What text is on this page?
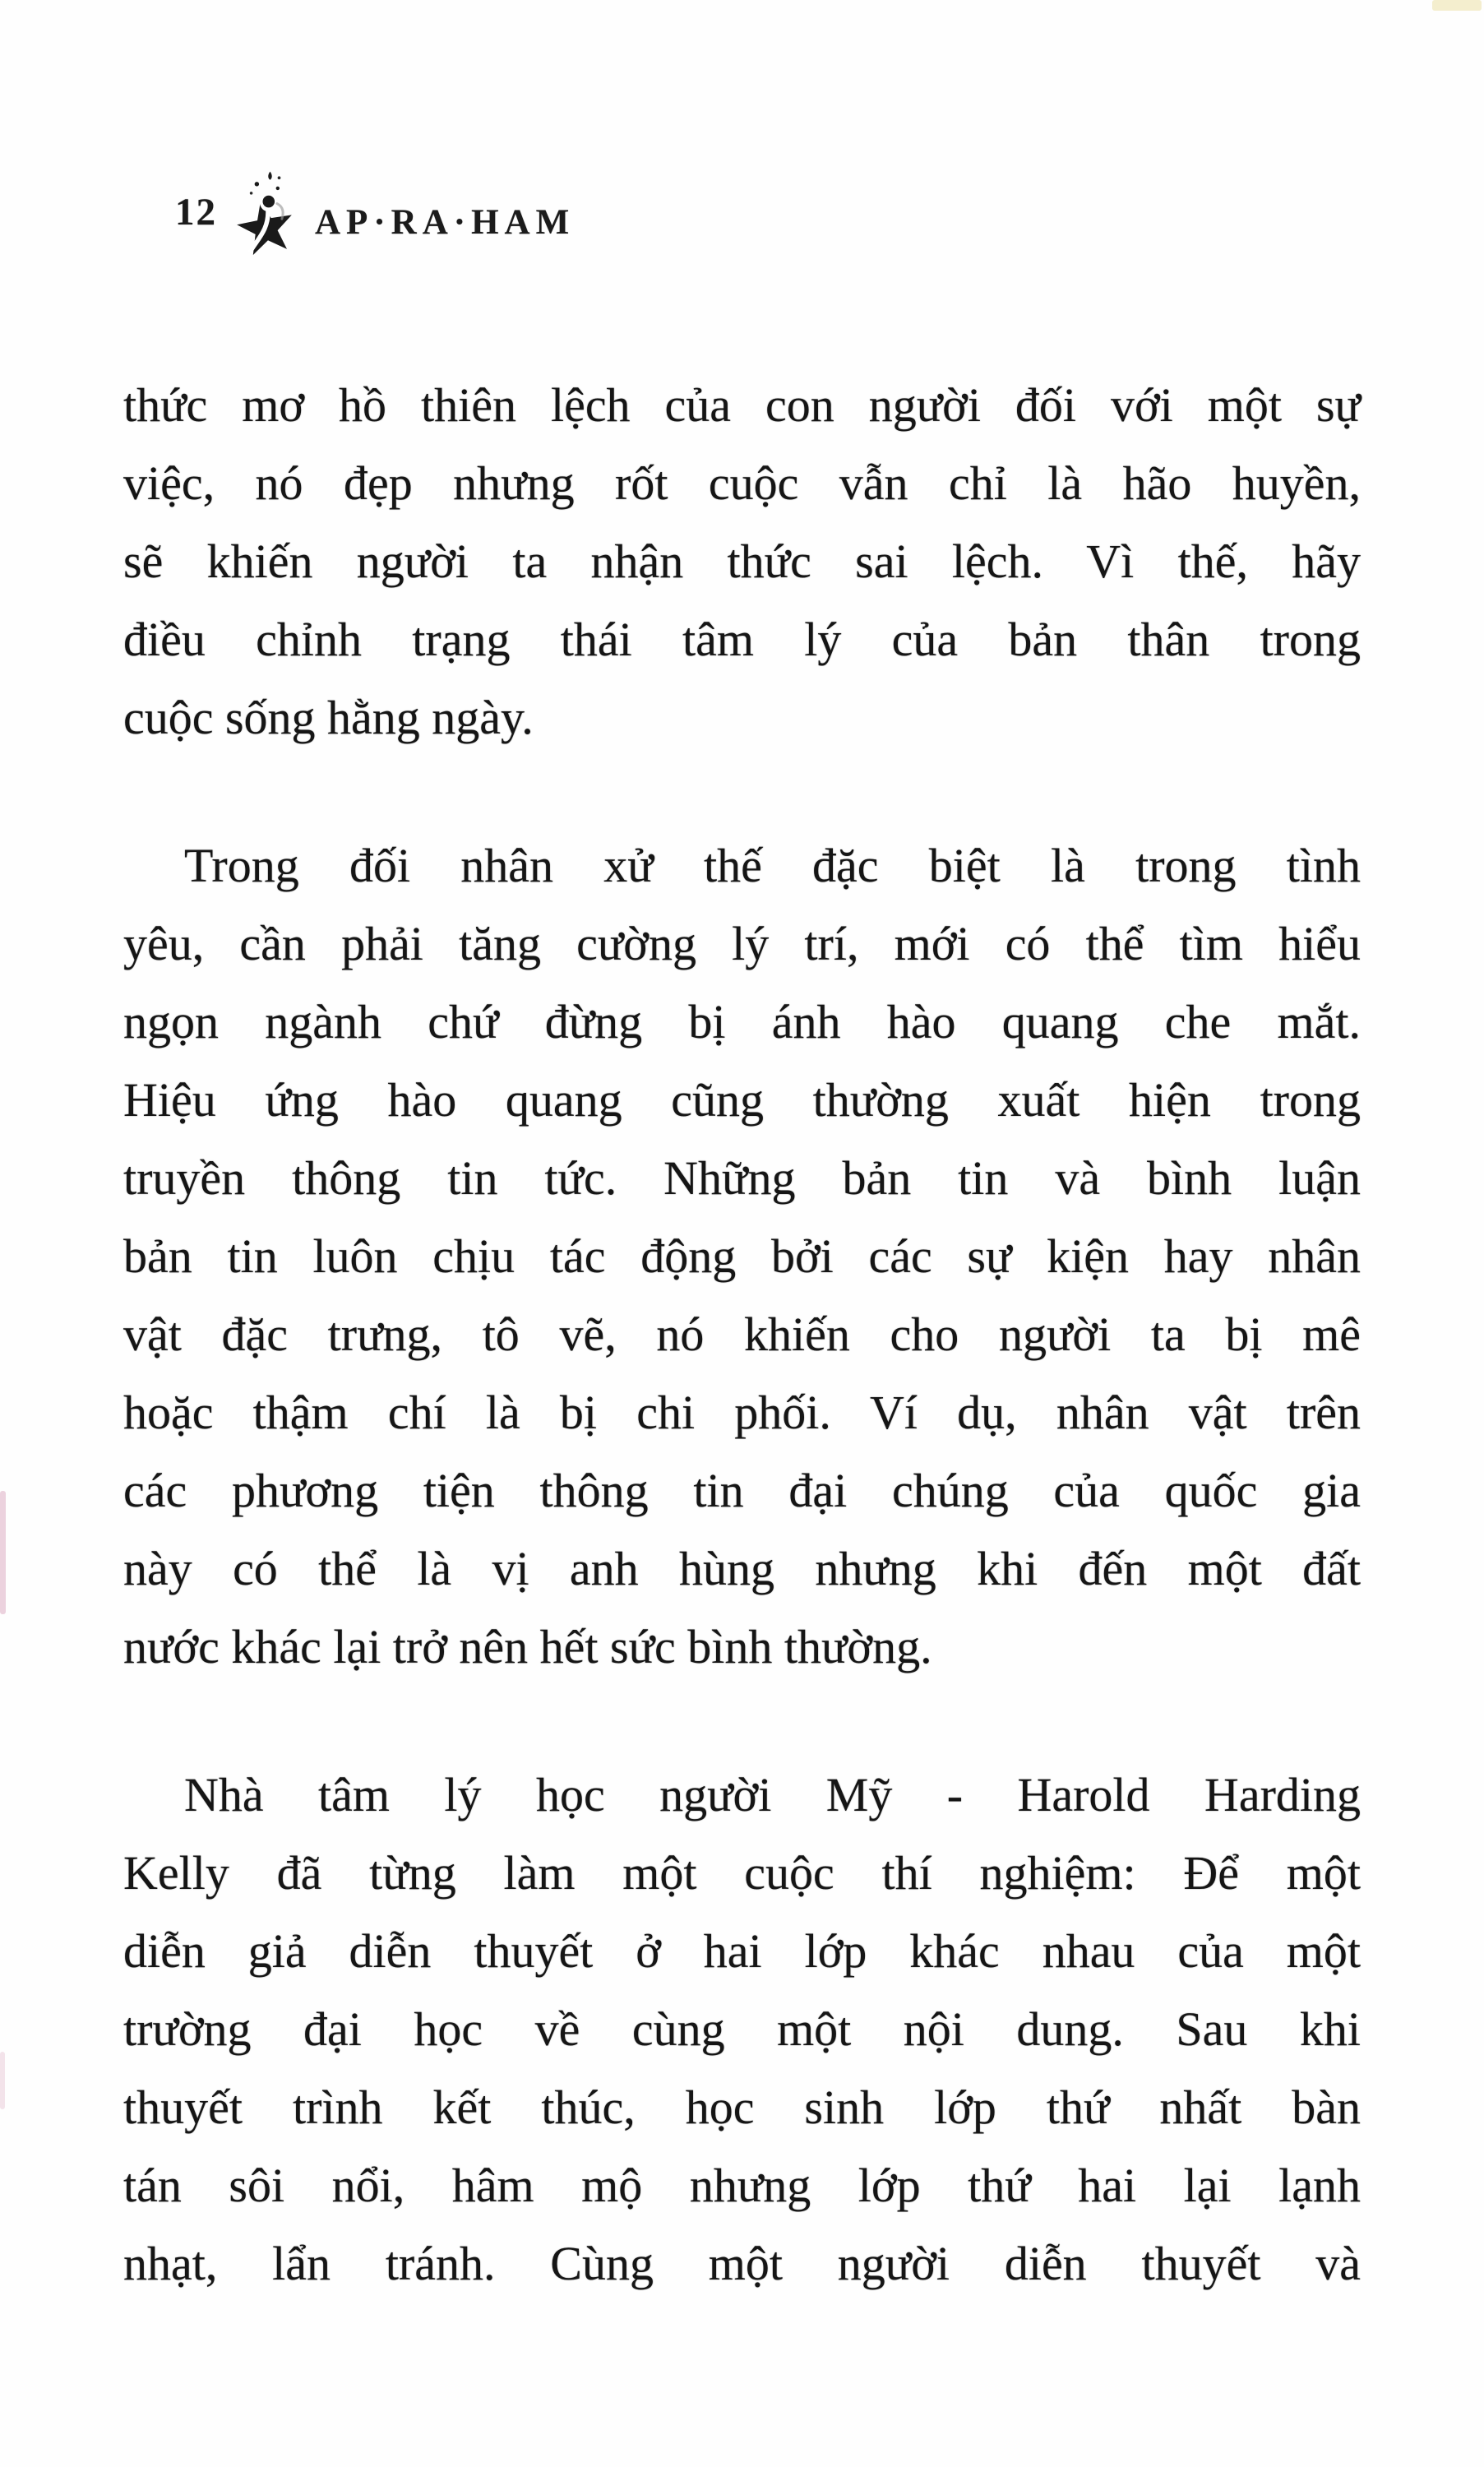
12	AP·RA·HAM
thức mơ hồ thiên lệch của con người đối với một sự
việc, nó đẹp nhưng rốt cuộc vẫn chỉ là hão huyền,
sẽ khiến người ta nhận thức sai lệch. Vì thế, hãy
điều chỉnh trạng thái tâm lý của bản thân trong
cuộc sống hằng ngày.
Trong đối nhân xử thế đặc biệt là trong tình
yêu, cần phải tăng cường lý trí, mới có thể tìm hiểu
ngọn ngành chứ đừng bị ánh hào quang che mắt.
Hiệu ứng hào quang cũng thường xuất hiện trong
truyền thông tin tức. Những bản tin và bình luận
bản tin luôn chịu tác động bởi các sự kiện hay nhân
vật đặc trưng, tô vẽ, nó khiến cho người ta bị mê
hoặc thậm chí là bị chi phối. Ví dụ, nhân vật trên
các phương tiện thông tin đại chúng của quốc gia
này có thể là vị anh hùng nhưng khi đến một đất
nước khác lại trở nên hết sức bình thường.
Nhà tâm lý học người Mỹ - Harold Harding
Kelly đã từng làm một cuộc thí nghiệm: Để một
diễn giả diễn thuyết ở hai lớp khác nhau của một
trường đại học về cùng một nội dung. Sau khi
thuyết trình kết thúc, học sinh lớp thứ nhất bàn
tán sôi nổi, hâm mộ nhưng lớp thứ hai lại lạnh
nhạt, lẩn tránh. Cùng một người diễn thuyết và
